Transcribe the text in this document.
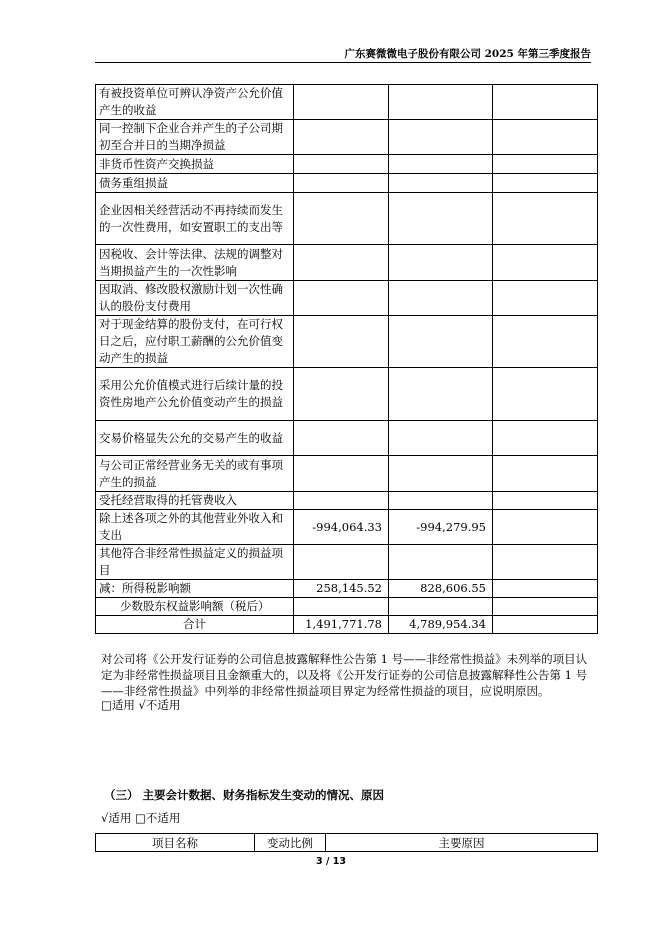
广东赛微微电子股份有限公司 2025 年第三季度报告
有被投资单位可辨认净资产公允价值产生的收益			
同一控制下企业合并产生的子公司期初至合并日的当期净损益			
非货币性资产交换损益			
债务重组损益			
企业因相关经营活动不再持续而发生的一次性费用，如安置职工的支出等			
因税收、会计等法律、法规的调整对当期损益产生的一次性影响			
因取消、修改股权激励计划一次性确认的股份支付费用			
对于现金结算的股份支付，在可行权日之后，应付职工薪酬的公允价值变动产生的损益			
采用公允价值模式进行后续计量的投资性房地产公允价值变动产生的损益			
交易价格显失公允的交易产生的收益			
与公司正常经营业务无关的或有事项产生的损益			
受托经营取得的托管费收入			
除上述各项之外的其他营业外收入和支出	-994,064.33	-994,279.95	
其他符合非经常性损益定义的损益项目			
减：所得税影响额	258,145.52	828,606.55	
少数股东权益影响额（税后）			
合计	1,491,771.78	4,789,954.34	
对公司将《公开发行证券的公司信息披露解释性公告第 1 号——非经常性损益》未列举的项目认定为非经常性损益项目且金额重大的，以及将《公开发行证券的公司信息披露解释性公告第 1 号——非经常性损益》中列举的非经常性损益项目界定为经常性损益的项目，应说明原因。
□适用 √不适用
（三） 主要会计数据、财务指标发生变动的情况、原因
√适用 □不适用
项目名称	变动比例	主要原因
3 / 13
